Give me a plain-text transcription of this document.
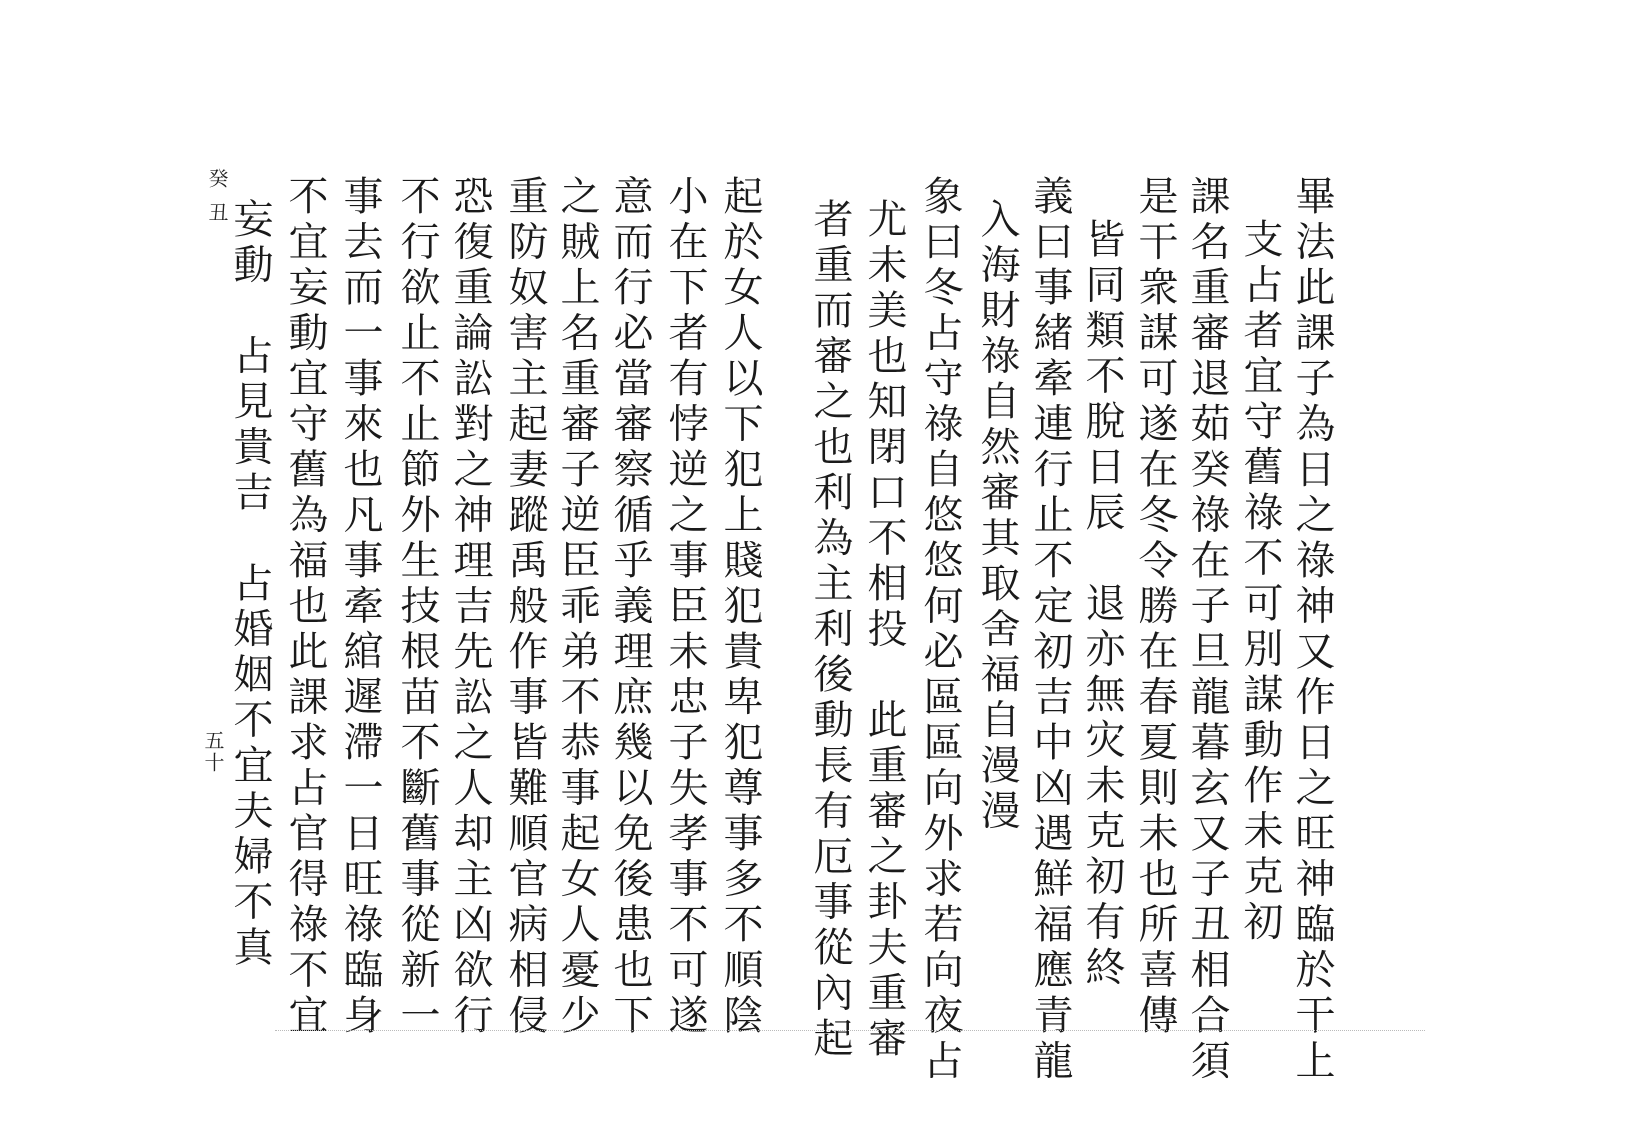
畢法此課子為日之祿神又作日之旺神臨於干上
支占者宜守舊祿不可別謀動作未克初
課名重審退茹癸祿在子旦龍暮玄又子丑相合須
是干衆謀可遂在冬令勝在春夏則未也所喜傳
皆同類不脫日辰　退亦無灾未克初有終
義曰事緒牽連行止不定初吉中凶遇鮮福應青龍
入海財祿自然審其取舍福自漫漫
象曰冬占守祿自悠悠何必區區向外求若向夜占
尤未美也知閉口不相投　此重審之卦夫重審
者重而審之也利為主利後動長有厄事從內起
起於女人以下犯上賤犯貴卑犯尊事多不順陰
小在下者有悖逆之事臣未忠子失孝事不可遂
意而行必當審察循乎義理庶幾以免後患也下
之賊上名重審子逆臣乖弟不恭事起女人憂少
重防奴害主起妻蹤禹般作事皆難順官病相侵
恐復重論訟對之神理吉先訟之人却主凶欲行
不行欲止不止節外生技根苗不斷舊事從新一
事去而一事來也凡事牽綰遲滯一日旺祿臨身
不宜妄動宜守舊為福也此課求占官得祿不宜
妄動　占見貴吉　占婚姻不宜夫婦不真
癸丑
五十
